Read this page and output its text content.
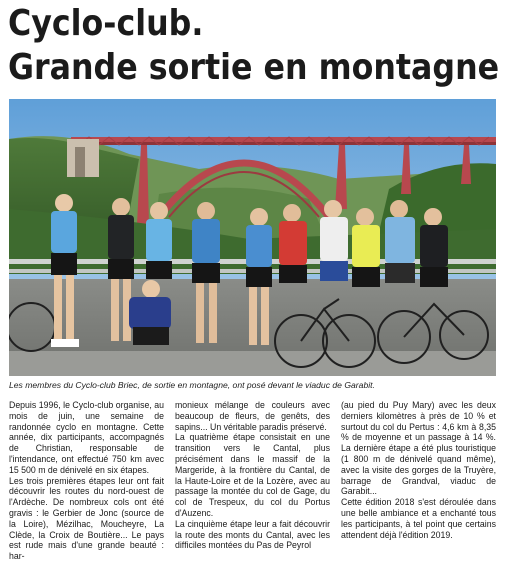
Cyclo-club.
Grande sortie en montagne

Les membres du Cyclo-club Briec, de sortie en montagne, ont posé devant le viaduc de Garabit.

Depuis 1996, le Cyclo-club organise, au mois de juin, une semaine de randonnée cyclo en montagne. Cette année, dix participants, accompagnés de Christian, responsable de l'intendance, ont effectué 750 km avec 15 500 m de dénivelé en six étapes.

Les trois premières étapes leur ont fait découvrir les routes du nord-ouest de l'Ardèche. De nombreux cols ont été gravis : le Gerbier de Jonc (source de la Loire), Mézilhac, Moucheyre, La Clède, la Croix de Boutière... Le pays est rude mais d'une grande beauté : har-

monieux mélange de couleurs avec beaucoup de fleurs, de genêts, des sapins... Un véritable paradis préservé.

La quatrième étape consistait en une transition vers le Cantal, plus précisément dans le massif de la Margeride, à la frontière du Cantal, de la Haute-Loire et de la Lozère, avec au passage la montée du col de Gage, du col de Trespeux, du col du Portus d'Auzenc.

La cinquième étape leur a fait découvrir la route des monts du Cantal, avec les difficiles montées du Pas de Peyrol

(au pied du Puy Mary) avec les deux derniers kilomètres à près de 10 % et surtout du col du Pertus : 4,6 km à 8,35 % de moyenne et un passage à 14 %. La dernière étape a été plus touristique (1 800 m de dénivelé quand même), avec la visite des gorges de la Truyère, barrage de Grandval, viaduc de Garabit...

Cette édition 2018 s'est déroulée dans une belle ambiance et a enchanté tous les participants, à tel point que certains attendent déjà l'édition 2019.
